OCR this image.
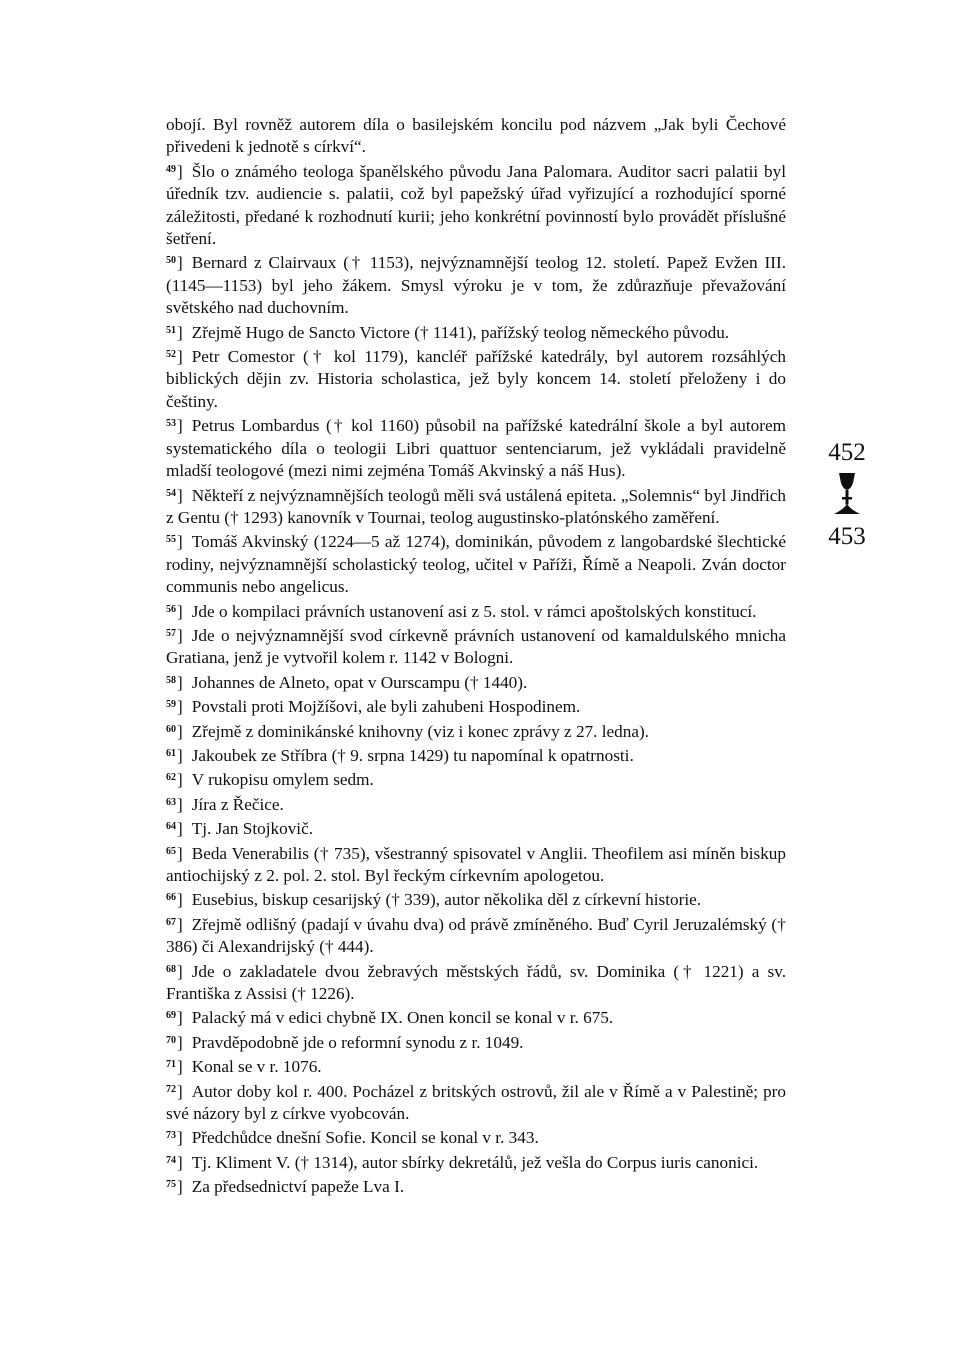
obojí. Byl rovněž autorem díla o basilejském koncilu pod názvem „Jak byli Čechové přivedeni k jednotě s církví“.

$^{49}$] Šlo o známého teologa španělského původu Jana Palomara. Auditor sacri palatii byl úředník tzv. audiencie s. palatii, což byl papežský úřad vyřizující a rozhodující sporné záležitosti, předané k rozhodnutí kurii; jeho konkrétní povinností bylo provádět příslušné šetření.

$^{50}$] Bernard z Clairvaux († 1153), nejvýznamnější teolog 12. století. Papež Evžen III. (1145—1153) byl jeho žákem. Smysl výroku je v tom, že zdůrazňuje převažování světského nad duchovním.

$^{51}$] Zřejmě Hugo de Sancto Victore († 1141), pařížský teolog německého původu.

$^{52}$] Petr Comestor († kol 1179), kancléř pařížské katedrály, byl autorem rozsáhlých biblických dějin zv. Historia scholastica, jež byly koncem 14. století přeloženy i do češtiny.

$^{53}$] Petrus Lombardus († kol 1160) působil na pařížské katedrální škole a byl autorem systematického díla o teologii Libri quattuor sentenciarum, jež vykládali pravidelně mladší teologové (mezi nimi zejména Tomáš Akvinský a náš Hus).

$^{54}$] Někteří z nejvýznamnějších teologů měli svá ustálená epiteta. „Solemnis“ byl Jindřich z Gentu († 1293) kanovník v Tournai, teolog augustinsko-platónského zaměření.

$^{55}$] Tomáš Akvinský (1224—5 až 1274), dominikán, původem z langobardské šlechtické rodiny, nejvýznamnější scholastický teolog, učitel v Paříži, Římě a Neapoli. Zván doctor communis nebo angelicus.

$^{56}$] Jde o kompilaci právních ustanovení asi z 5. stol. v rámci apoštolských konstitucí.

$^{57}$] Jde o nejvýznamnější svod církevně právních ustanovení od kamaldulského mnicha Gratiana, jenž je vytvořil kolem r. 1142 v Bologni.

$^{58}$] Johannes de Alneto, opat v Ourscampu († 1440).

$^{59}$] Povstali proti Mojžíšovi, ale byli zahubeni Hospodinem.

$^{60}$] Zřejmě z dominikánské knihovny (viz i konec zprávy z 27. ledna).

$^{61}$] Jakoubek ze Stříbra († 9. srpna 1429) tu napomínal k opatrnosti.

$^{62}$] V rukopisu omylem sedm.

$^{63}$] Jíra z Řečice.

$^{64}$] Tj. Jan Stojkovič.

$^{65}$] Beda Venerabilis († 735), všestranný spisovatel v Anglii. Theofilem asi míněn biskup antiochijský z 2. pol. 2. stol. Byl řeckým církevním apologetou.

$^{66}$] Eusebius, biskup cesarijský († 339), autor několika děl z církevní historie.

$^{67}$] Zřejmě odlišný (padají v úvahu dva) od právě zmíněného. Buď Cyril Jeruzalémský († 386) či Alexandrijský († 444).

$^{68}$] Jde o zakladatele dvou žebravých městských řádů, sv. Dominika († 1221) a sv. Františka z Assisi († 1226).

$^{69}$] Palacký má v edici chybně IX. Onen koncil se konal v r. 675.

$^{70}$] Pravděpodobně jde o reformní synodu z r. 1049.

$^{71}$] Konal se v r. 1076.

$^{72}$] Autor doby kol r. 400. Pocházel z britských ostrovů, žil ale v Římě a v Palestině; pro své názory byl z církve vyobcován.

$^{73}$] Předchůdce dnešní Sofie. Koncil se konal v r. 343.

$^{74}$] Tj. Kliment V. († 1314), autor sbírky dekretálů, jež vešla do Corpus iuris canonici.

$^{75}$] Za předsednictví papeže Lva I.

452
453
